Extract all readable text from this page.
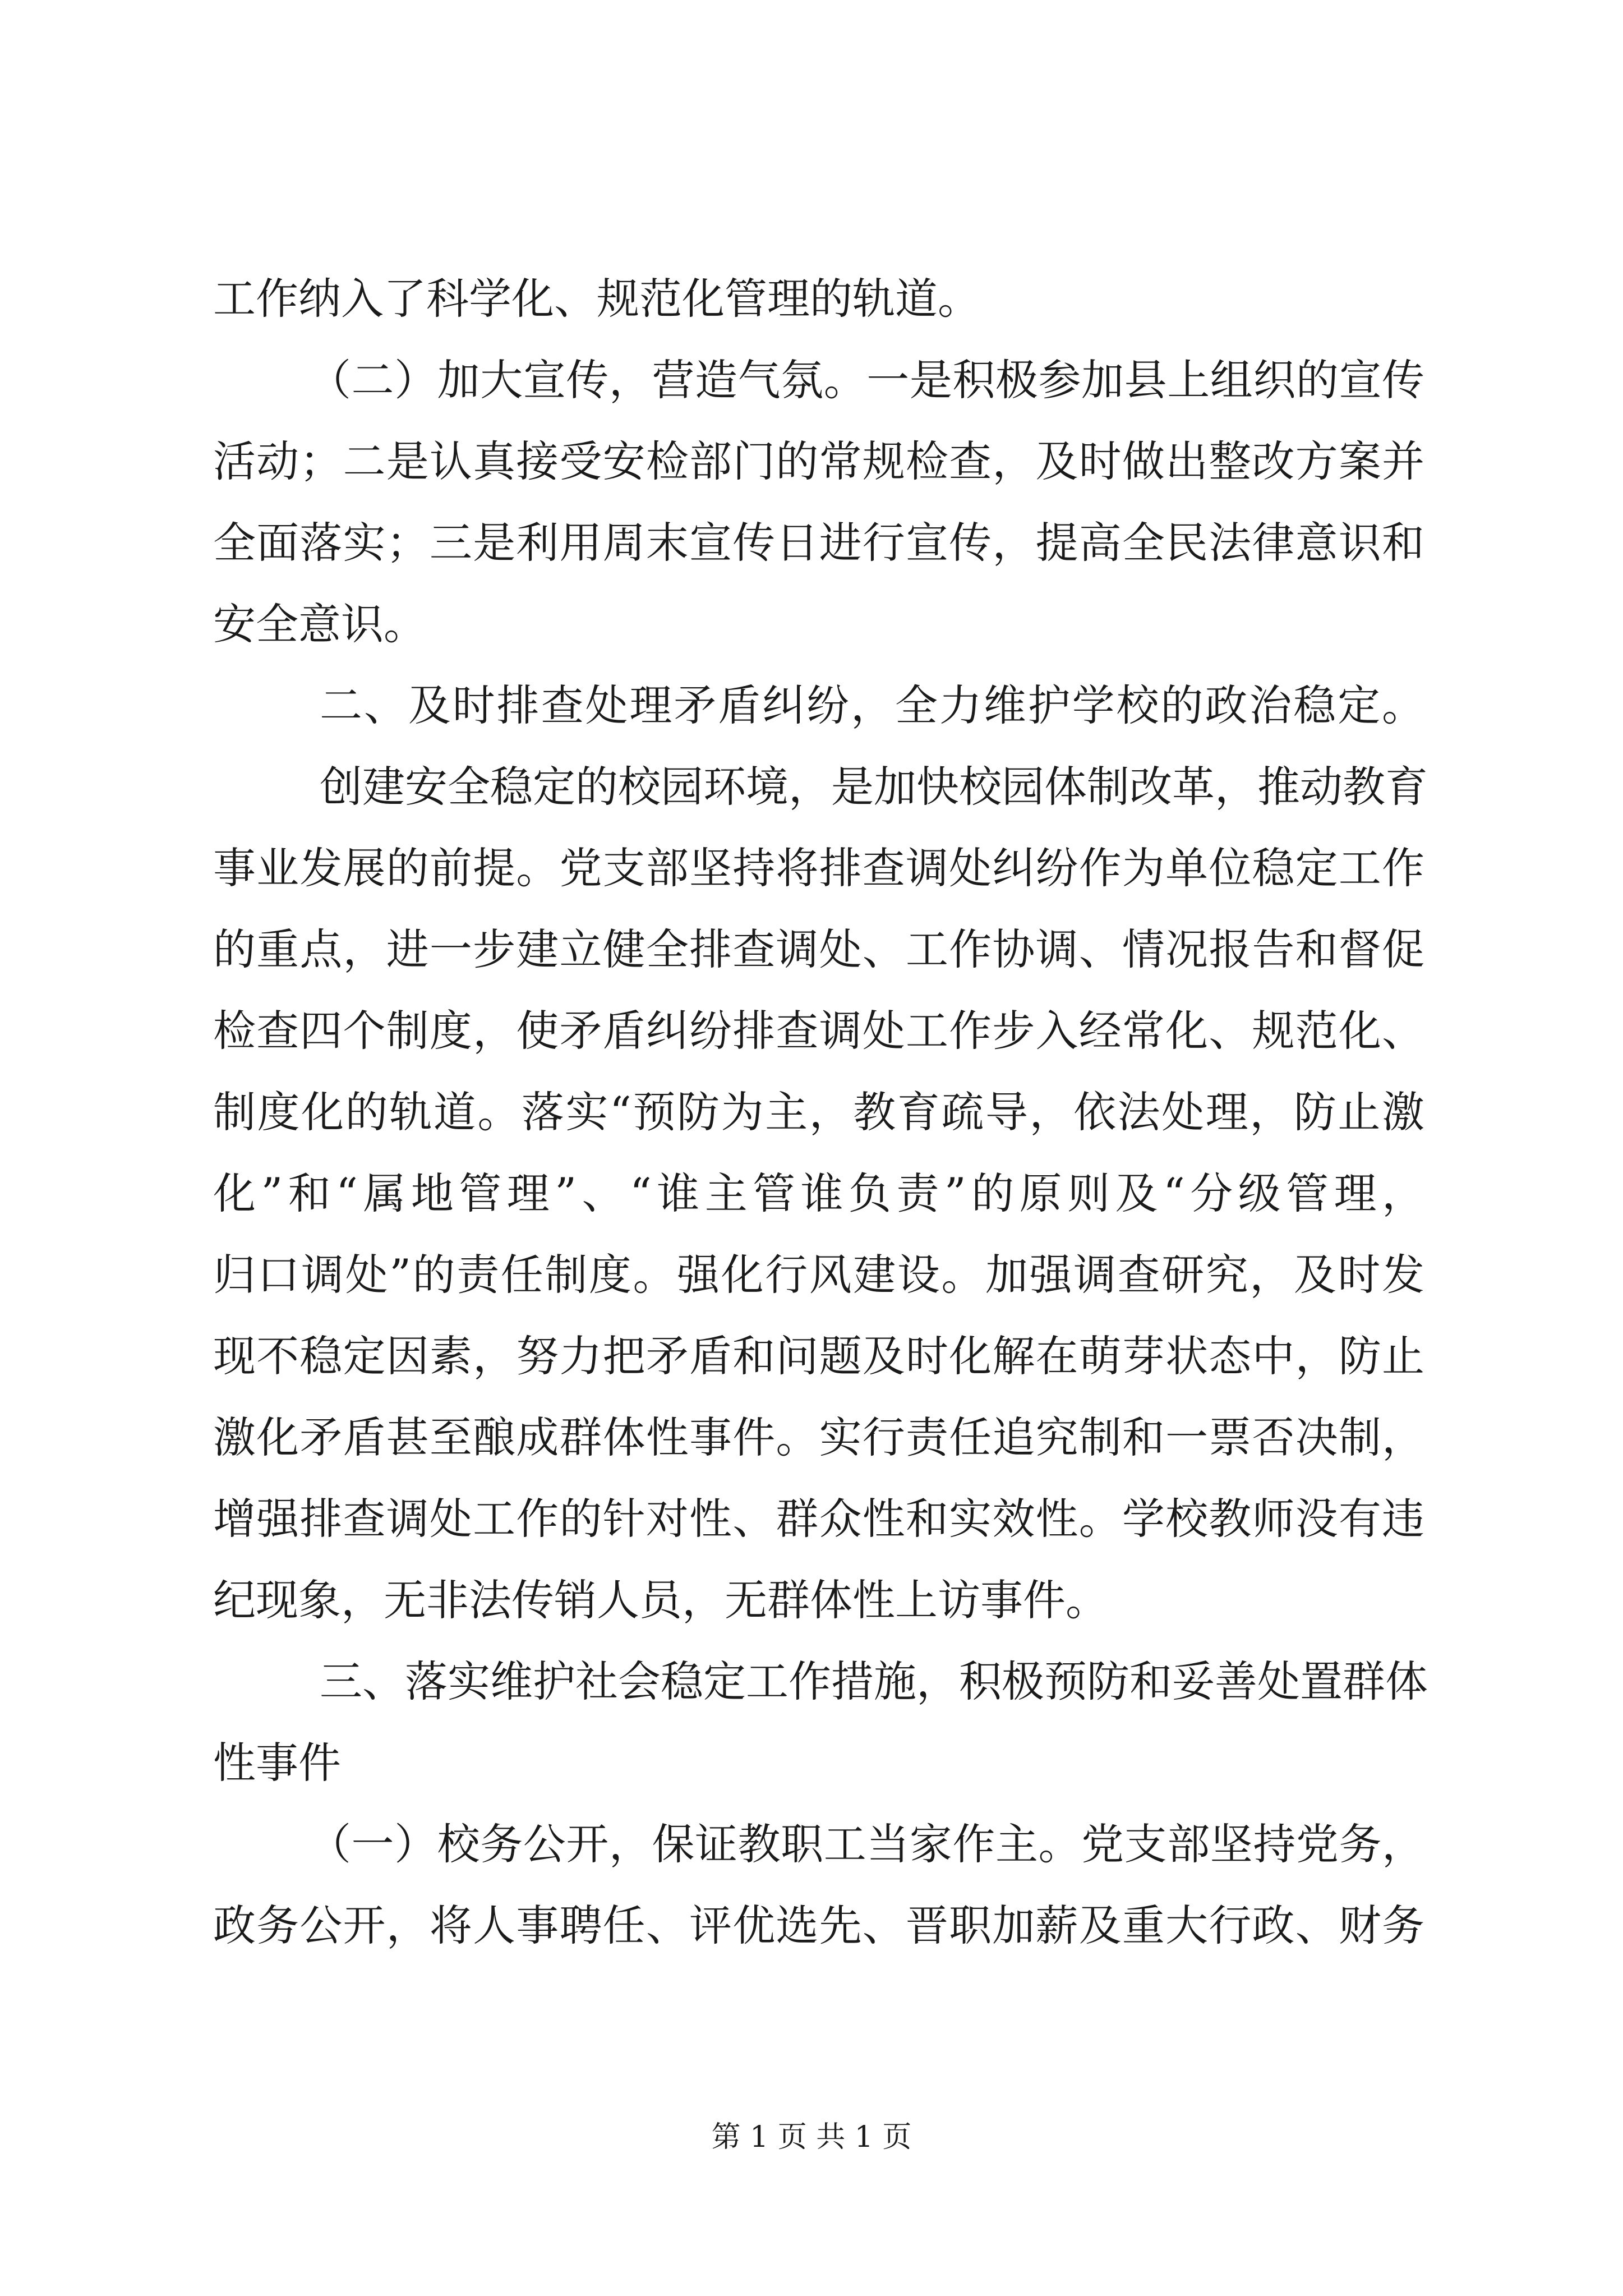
工作纳入了科学化、规范化管理的轨道。
（二）加大宣传，营造气氛。一是积极参加县上组织的宣传
活动；二是认真接受安检部门的常规检查，及时做出整改方案并
全面落实；三是利用周末宣传日进行宣传，提高全民法律意识和
安全意识。
二、及时排查处理矛盾纠纷，全力维护学校的政治稳定。
创建安全稳定的校园环境，是加快校园体制改革，推动教育
事业发展的前提。党支部坚持将排查调处纠纷作为单位稳定工作
的重点，进一步建立健全排查调处、工作协调、情况报告和督促
检查四个制度，使矛盾纠纷排查调处工作步入经常化、规范化、
制度化的轨道。落实“预防为主，教育疏导，依法处理，防止激
化”和“属地管理”、“谁主管谁负责”的原则及“分级管理，
归口调处”的责任制度。强化行风建设。加强调查研究，及时发
现不稳定因素，努力把矛盾和问题及时化解在萌芽状态中，防止
激化矛盾甚至酿成群体性事件。实行责任追究制和一票否决制，
增强排查调处工作的针对性、群众性和实效性。学校教师没有违
纪现象，无非法传销人员，无群体性上访事件。
三、落实维护社会稳定工作措施，积极预防和妥善处置群体
性事件
（一）校务公开，保证教职工当家作主。党支部坚持党务，
政务公开，将人事聘任、评优选先、晋职加薪及重大行政、财务
第 1 页 共 1 页
